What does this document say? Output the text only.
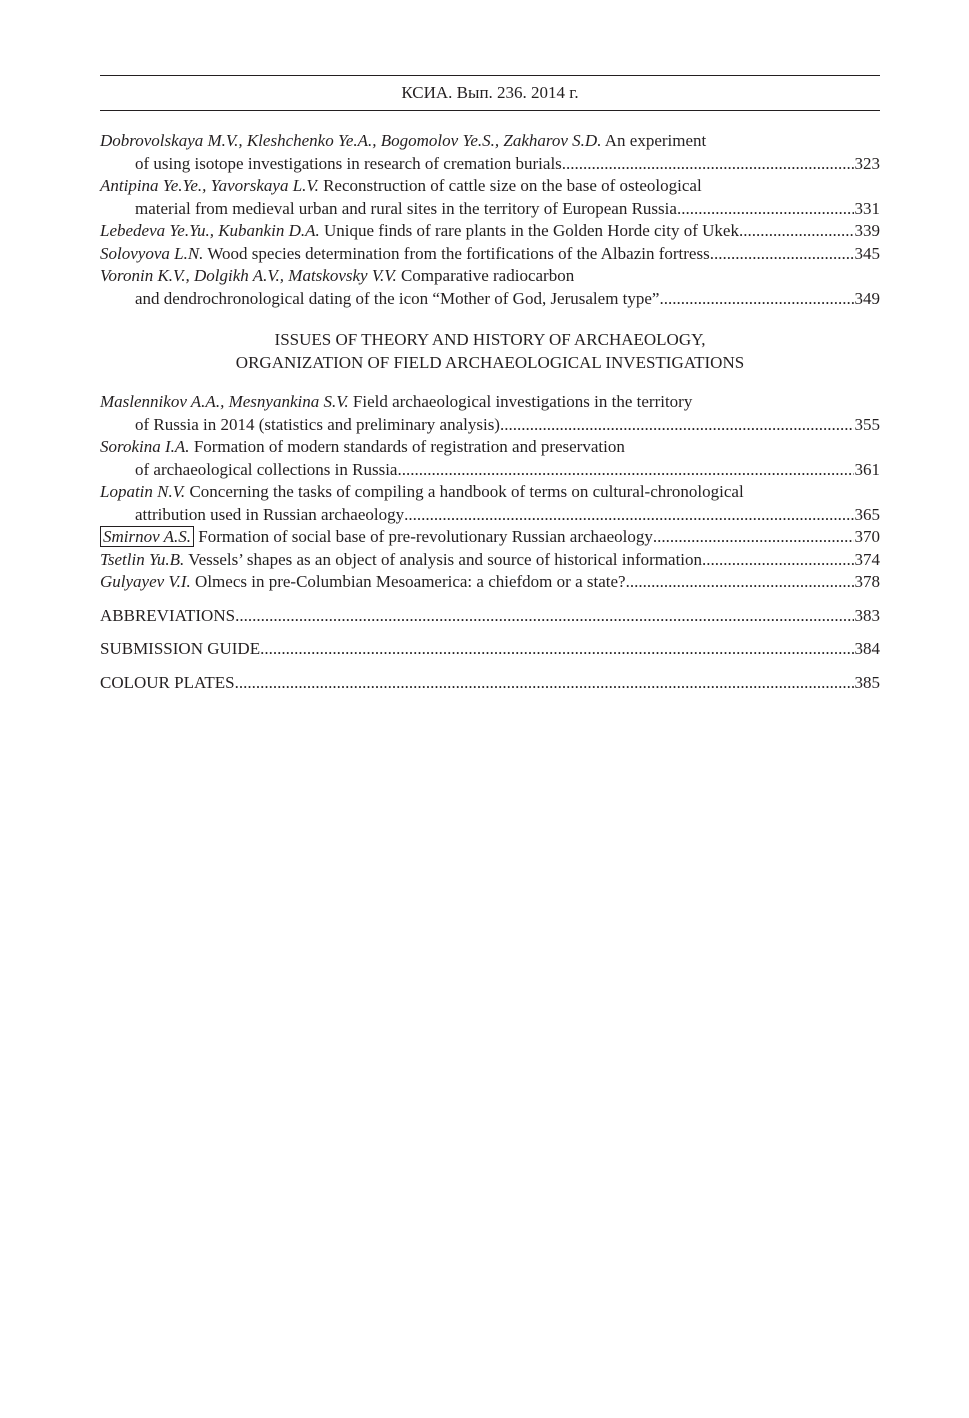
КСИА. Вып. 236. 2014 г.
Dobrovolskaya M.V., Kleshchenko Ye.A., Bogomolov Ye.S., Zakharov S.D. An experiment
of using isotope investigations in research of cremation burials .....	323
Antipina Ye.Ye., Yavorskaya L.V. Reconstruction of cattle size on the base of osteological
material from medieval urban and rural sites in the territory of European Russia .....	331
Lebedeva Ye.Yu., Kubankin D.A. Unique finds of rare plants in the Golden Horde city of Ukek .....	339
Solovyova L.N. Wood species determination from the fortifications of the Albazin fortress .....	345
Voronin K.V., Dolgikh A.V., Matskovsky V.V. Comparative radiocarbon
and dendrochronological dating of the icon “Mother of God, Jerusalem type” .....	349
ISSUES OF THEORY AND HISTORY OF ARCHAEOLOGY,
ORGANIZATION OF FIELD ARCHAEOLOGICAL INVESTIGATIONS
Maslennikov A.A., Mesnyankina S.V. Field archaeological investigations in the territory
of Russia in 2014 (statistics and preliminary analysis) .....	355
Sorokina I.A. Formation of modern standards of registration and preservation
of archaeological collections in Russia .....	361
Lopatin N.V. Concerning the tasks of compiling a handbook of terms on cultural-chronological
attribution used in Russian archaeology .....	365
Smirnov A.S. Formation of social base of pre-revolutionary Russian archaeology .....	370
Tsetlin Yu.B. Vessels’ shapes as an object of analysis and source of historical information .....	374
Gulyayev V.I. Olmecs in pre-Columbian Mesoamerica: a chiefdom or a state? .....	378
ABBREVIATIONS .....	383
SUBMISSION GUIDE .....	384
COLOUR PLATES .....	385
